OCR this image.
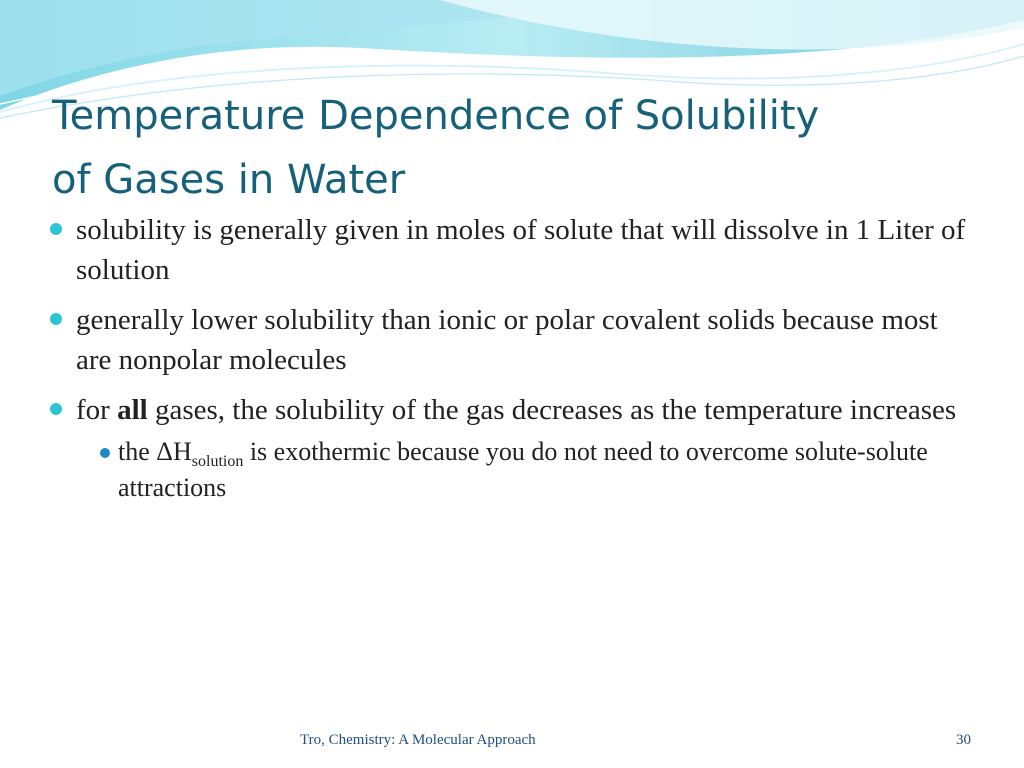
Temperature Dependence of Solubility
of Gases in Water
solubility is generally given in moles of solute that will dissolve in 1 Liter of solution
generally lower solubility than ionic or polar covalent solids because most are nonpolar molecules
for all gases, the solubility of the gas decreases as the temperature increases
the $\Delta H_{solution}$ is exothermic because you do not need to overcome solute-solute attractions
Tro, Chemistry: A Molecular Approach	30
